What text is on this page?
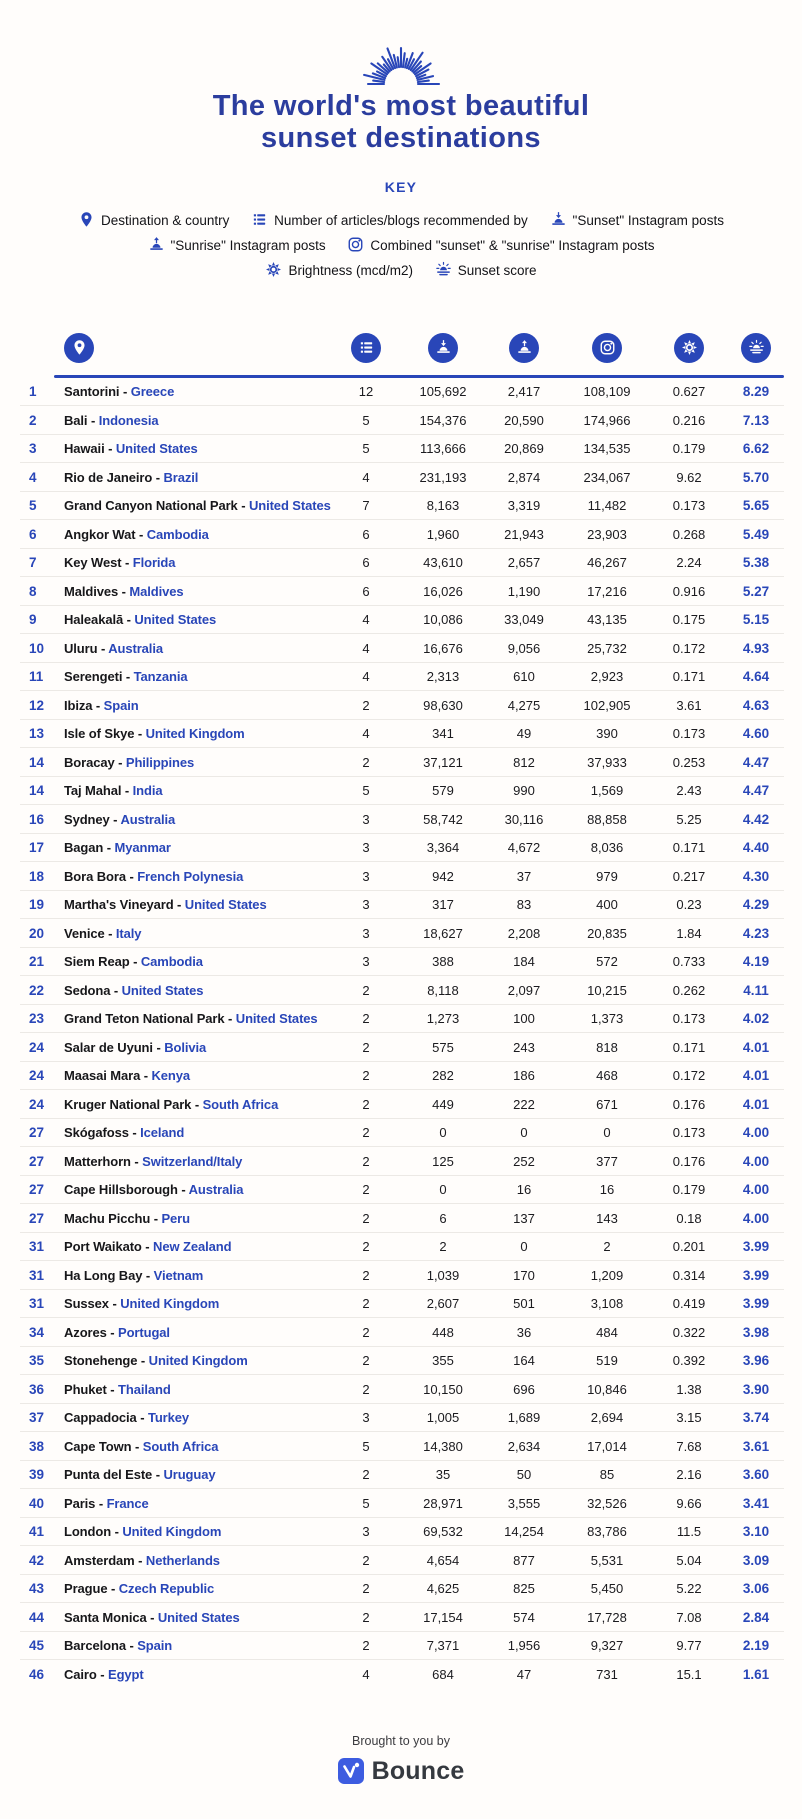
The world's most beautiful
sunset destinations
KEY
Destination & country	Number of articles/blogs recommended by	"Sunset" Instagram posts
"Sunrise" Instagram posts	Combined "sunset" & "sunrise" Instagram posts
Brightness (mcd/m2)	Sunset score
1	Santorini - Greece	12	105,692	2,417	108,109	0.627	8.29
2	Bali - Indonesia	5	154,376	20,590	174,966	0.216	7.13
3	Hawaii - United States	5	113,666	20,869	134,535	0.179	6.62
4	Rio de Janeiro - Brazil	4	231,193	2,874	234,067	9.62	5.70
5	Grand Canyon National Park - United States	7	8,163	3,319	11,482	0.173	5.65
6	Angkor Wat - Cambodia	6	1,960	21,943	23,903	0.268	5.49
7	Key West - Florida	6	43,610	2,657	46,267	2.24	5.38
8	Maldives - Maldives	6	16,026	1,190	17,216	0.916	5.27
9	Haleakalā - United States	4	10,086	33,049	43,135	0.175	5.15
10	Uluru - Australia	4	16,676	9,056	25,732	0.172	4.93
11	Serengeti - Tanzania	4	2,313	610	2,923	0.171	4.64
12	Ibiza - Spain	2	98,630	4,275	102,905	3.61	4.63
13	Isle of Skye - United Kingdom	4	341	49	390	0.173	4.60
14	Boracay - Philippines	2	37,121	812	37,933	0.253	4.47
14	Taj Mahal - India	5	579	990	1,569	2.43	4.47
16	Sydney - Australia	3	58,742	30,116	88,858	5.25	4.42
17	Bagan - Myanmar	3	3,364	4,672	8,036	0.171	4.40
18	Bora Bora - French Polynesia	3	942	37	979	0.217	4.30
19	Martha's Vineyard - United States	3	317	83	400	0.23	4.29
20	Venice - Italy	3	18,627	2,208	20,835	1.84	4.23
21	Siem Reap - Cambodia	3	388	184	572	0.733	4.19
22	Sedona - United States	2	8,118	2,097	10,215	0.262	4.11
23	Grand Teton National Park - United States	2	1,273	100	1,373	0.173	4.02
24	Salar de Uyuni - Bolivia	2	575	243	818	0.171	4.01
24	Maasai Mara - Kenya	2	282	186	468	0.172	4.01
24	Kruger National Park - South Africa	2	449	222	671	0.176	4.01
27	Skógafoss - Iceland	2	0	0	0	0.173	4.00
27	Matterhorn - Switzerland/Italy	2	125	252	377	0.176	4.00
27	Cape Hillsborough - Australia	2	0	16	16	0.179	4.00
27	Machu Picchu - Peru	2	6	137	143	0.18	4.00
31	Port Waikato - New Zealand	2	2	0	2	0.201	3.99
31	Ha Long Bay - Vietnam	2	1,039	170	1,209	0.314	3.99
31	Sussex - United Kingdom	2	2,607	501	3,108	0.419	3.99
34	Azores - Portugal	2	448	36	484	0.322	3.98
35	Stonehenge - United Kingdom	2	355	164	519	0.392	3.96
36	Phuket - Thailand	2	10,150	696	10,846	1.38	3.90
37	Cappadocia - Turkey	3	1,005	1,689	2,694	3.15	3.74
38	Cape Town - South Africa	5	14,380	2,634	17,014	7.68	3.61
39	Punta del Este - Uruguay	2	35	50	85	2.16	3.60
40	Paris - France	5	28,971	3,555	32,526	9.66	3.41
41	London - United Kingdom	3	69,532	14,254	83,786	11.5	3.10
42	Amsterdam - Netherlands	2	4,654	877	5,531	5.04	3.09
43	Prague - Czech Republic	2	4,625	825	5,450	5.22	3.06
44	Santa Monica - United States	2	17,154	574	17,728	7.08	2.84
45	Barcelona - Spain	2	7,371	1,956	9,327	9.77	2.19
46	Cairo - Egypt	4	684	47	731	15.1	1.61
Brought to you by
Bounce
